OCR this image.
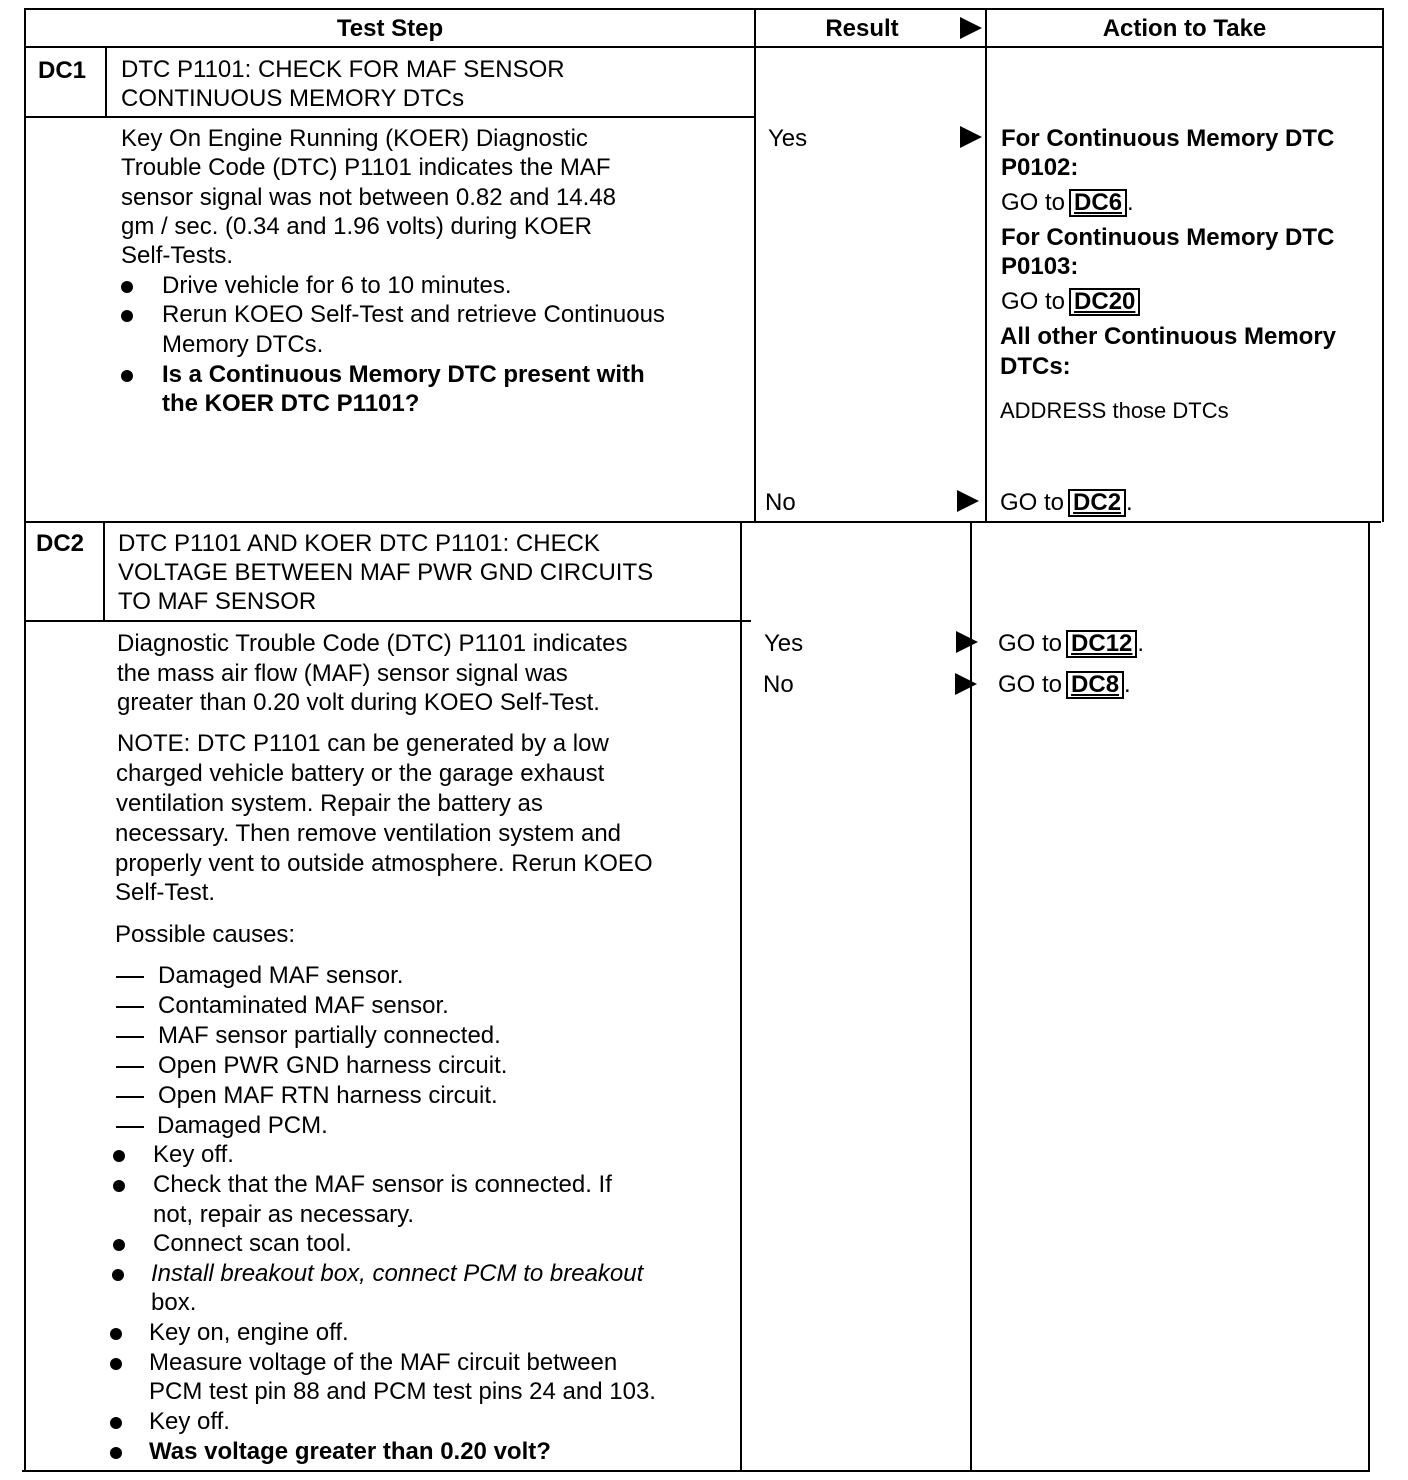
Test Step	Result	Action to Take
DC1 DTC P1101: CHECK FOR MAF SENSOR
CONTINUOUS MEMORY DTCs
Key On Engine Running (KOER) Diagnostic
Trouble Code (DTC) P1101 indicates the MAF
sensor signal was not between 0.82 and 14.48
gm / sec. (0.34 and 1.96 volts) during KOER
Self-Tests.
Drive vehicle for 6 to 10 minutes.
Rerun KOEO Self-Test and retrieve Continuous
Memory DTCs.
Is a Continuous Memory DTC present with
the KOER DTC P1101?
Yes
No
For Continuous Memory DTC
P0102:
GO to DC6 .
For Continuous Memory DTC
P0103:
GO to DC20
All other Continuous Memory
DTCs:
ADDRESS those DTCs
GO to DC2 .
DC2 DTC P1101 AND KOER DTC P1101: CHECK
VOLTAGE BETWEEN MAF PWR GND CIRCUITS
TO MAF SENSOR
Diagnostic Trouble Code (DTC) P1101 indicates
the mass air flow (MAF) sensor signal was
greater than 0.20 volt during KOEO Self-Test.
NOTE: DTC P1101 can be generated by a low
charged vehicle battery or the garage exhaust
ventilation system. Repair the battery as
necessary. Then remove ventilation system and
properly vent to outside atmosphere. Rerun KOEO
Self-Test.
Possible causes:
Damaged MAF sensor.
Contaminated MAF sensor.
MAF sensor partially connected.
Open PWR GND harness circuit.
Open MAF RTN harness circuit.
Damaged PCM.
Key off.
Check that the MAF sensor is connected. If
not, repair as necessary.
Connect scan tool.
Install breakout box, connect PCM to breakout
box.
Key on, engine off.
Measure voltage of the MAF circuit between
PCM test pin 88 and PCM test pins 24 and 103.
Key off.
Was voltage greater than 0.20 volt?
Yes
No
GO to DC12 .
GO to DC8 .
